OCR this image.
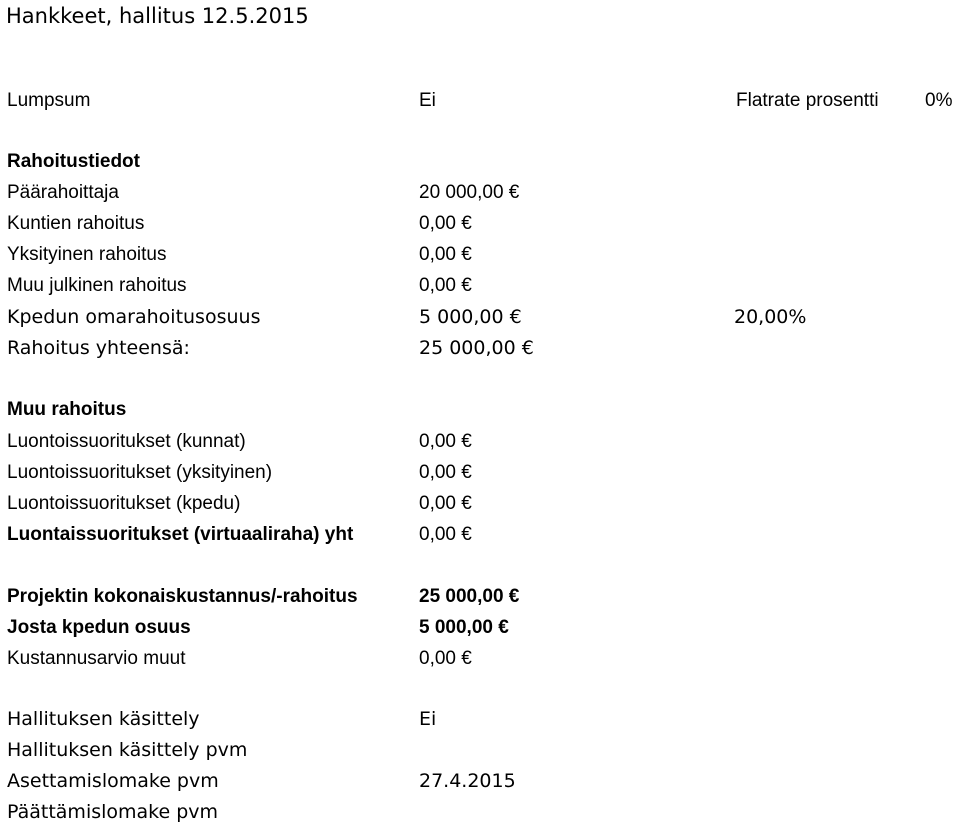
Hankkeet, hallitus 12.5.2015
Lumpsum	Ei	Flatrate prosentti 0%
Rahoitustiedot
Päärahoittaja	20 000,00 €
Kuntien rahoitus	0,00 €
Yksityinen rahoitus	0,00 €
Muu julkinen rahoitus	0,00 €
Kpedun omarahoitusosuus	5 000,00 €	20,00%
Rahoitus yhteensä:	25 000,00 €
Muu rahoitus
Luontoissuoritukset (kunnat)	0,00 €
Luontoissuoritukset (yksityinen)	0,00 €
Luontoissuoritukset (kpedu)	0,00 €
Luontaissuoritukset (virtuaaliraha) yht	0,00 €
Projektin kokonaiskustannus/-rahoitus	25 000,00 €
Josta kpedun osuus	5 000,00 €
Kustannusarvio muut	0,00 €
Hallituksen käsittely	Ei
Hallituksen käsittely pvm
Asettamislomake pvm	27.4.2015
Päättämislomake pvm
